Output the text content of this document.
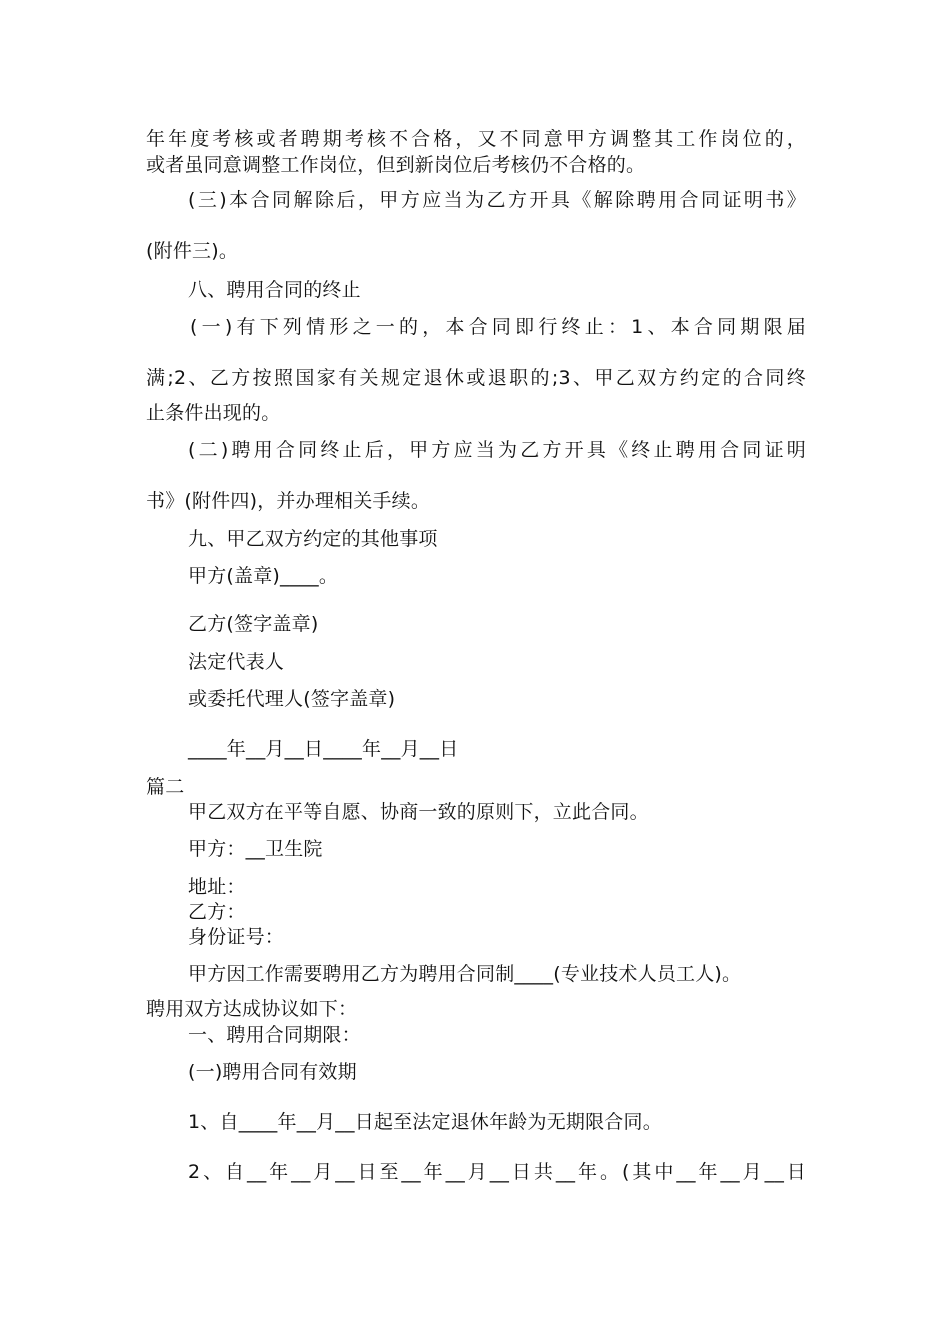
年年度考核或者聘期考核不合格，又不同意甲方调整其工作岗位的，
或者虽同意调整工作岗位，但到新岗位后考核仍不合格的。
(三)本合同解除后，甲方应当为乙方开具《解除聘用合同证明书》
(附件三)。
八、聘用合同的终止
(一)有下列情形之一的，本合同即行终止：1、本合同期限届
满;2、乙方按照国家有关规定退休或退职的;3、甲乙双方约定的合同终
止条件出现的。
(二)聘用合同终止后，甲方应当为乙方开具《终止聘用合同证明
书》(附件四)，并办理相关手续。
九、甲乙双方约定的其他事项
甲方(盖章)____。
乙方(签字盖章)
法定代表人
或委托代理人(签字盖章)
____年__月__日____年__月__日
篇二
甲乙双方在平等自愿、协商一致的原则下，立此合同。
甲方：__卫生院
地址：
乙方：
身份证号：
甲方因工作需要聘用乙方为聘用合同制____(专业技术人员工人)。
聘用双方达成协议如下：
一、聘用合同期限：
(一)聘用合同有效期
1、自____年__月__日起至法定退休年龄为无期限合同。
2、自__年__月__日至__年__月__日共__年。(其中__年__月__日
